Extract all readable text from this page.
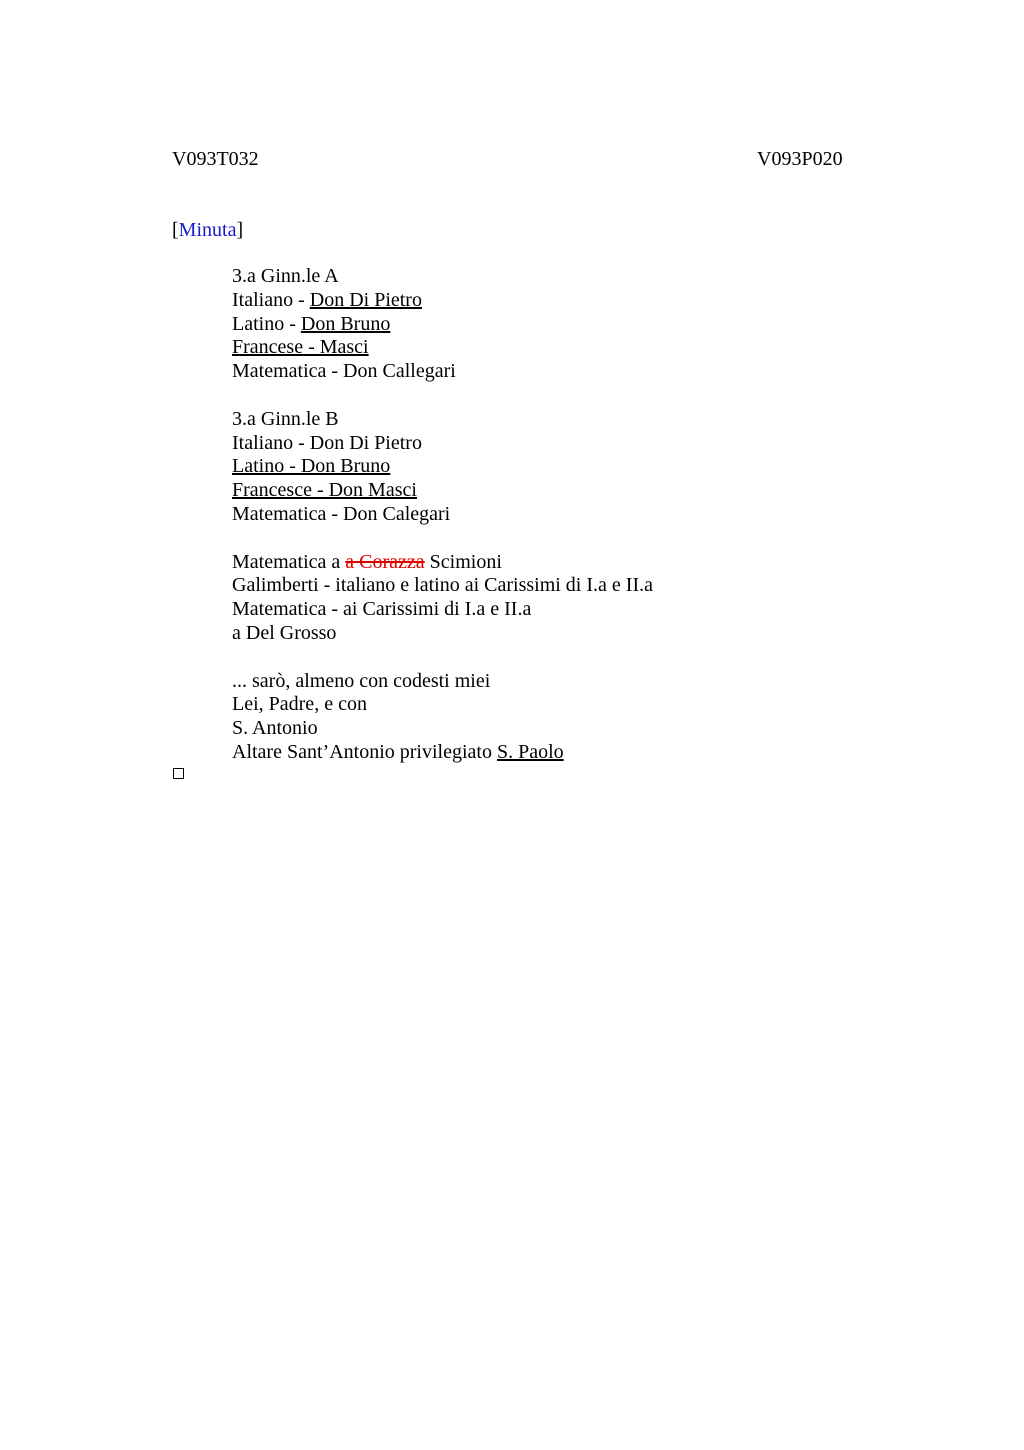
V093T032	V093P020
[Minuta]
3.a Ginn.le A
Italiano - Don Di Pietro
Latino - Don Bruno
Francese - Masci
Matematica - Don Callegari
3.a Ginn.le B
Italiano - Don Di Pietro
Latino - Don Bruno
Francesce - Don Masci
Matematica - Don Calegari
Matematica a a Corazza Scimioni
Galimberti - italiano e latino ai Carissimi di I.a e II.a
Matematica - ai Carissimi di I.a e II.a
a Del Grosso
... sarò, almeno con codesti miei
Lei, Padre, e con
S. Antonio
Altare Sant’Antonio privilegiato S. Paolo
